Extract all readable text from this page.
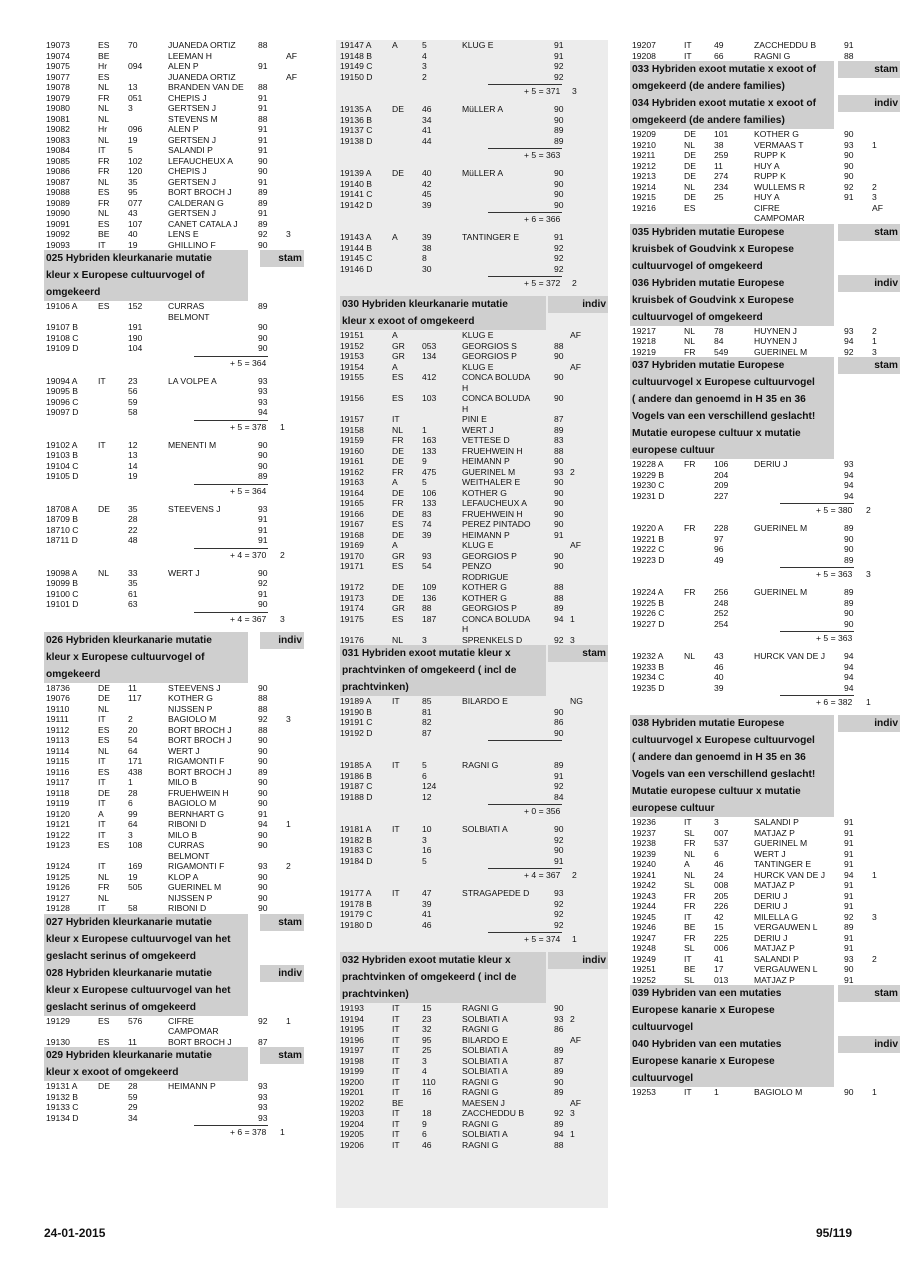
19073	ES 70	JUANEDA ORTIZ	88
19074	BE	LEEMAN H	AF
19075	Hr 094	ALEN P	91
19077	ES	JUANEDA ORTIZ	AF
19078	NL 13	BRANDEN VAN DE 88
19079	FR 051	CHEPIS J	91
19080	NL 3	GERTSEN J	91
19081	NL	STEVENS M	88
19082	Hr 096	ALEN P	91
19083	NL 19	GERTSEN J	91
19084	IT	5	SALANDI P	91
19085	FR 102	LEFAUCHEUX A	90
19086	FR 120	CHEPIS J	90
19087	NL 35	GERTSEN J	91
19088	ES 95	BORT BROCH J	89
19089	FR 077	CALDERAN G	89
19090	NL 43	GERTSEN J	91
19091	ES 107	CANET CATALA J 89
19092	BE 40	LENS E	92 3
19093	IT	19	GHILLINO F	90
025 Hybriden kleurkanarie mutatie	stam
kleur x Europese cultuurvogel of
omgekeerd
19106 A ES 152	CURRAS	89
BELMONT
19107 B	191	90
19108 C	190	90
19109 D	104	90
+ 5 = 364
19094 A IT	23	LA VOLPE A	93
19095 B	56	93
19096 C	59	93
19097 D	58	94
+ 5 = 378 1
19102 A IT	12	MENENTI M	90
19103 B	13	90
19104 C	14	90
19105 D	19	89
+ 5 = 364
18708 A DE 35	STEEVENS J	93
18709 B	28	91
18710 C	22	91
18711 D	48	91
+ 4 = 370 2
19098 A NL 33	WERT J	90
19099 B	35	92
19100 C	61	91
19101 D	63	90
+ 4 = 367 3
026 Hybriden kleurkanarie mutatie	indiv
kleur x Europese cultuurvogel of
omgekeerd
18736	DE 11	STEEVENS J	90
19076	DE 117	KOTHER G	88
19110	NL	NIJSSEN P	88
19111	IT	2	BAGIOLO M	92 3
19112	ES 20	BORT BROCH J	88
19113	ES 54	BORT BROCH J	90
19114	NL 64	WERT J	90
19115	IT	171	RIGAMONTI F	90
19116	ES 438	BORT BROCH J	89
19117	IT	1	MILO B	90
19118	DE 28	FRUEHWEIN H	90
19119	IT	6	BAGIOLO M	90
19120	A	99	BERNHART G	91
19121	IT	64	RIBONI D	94 1
19122	IT	3	MILO B	90
19123	ES 108	CURRAS	90
BELMONT
19124	IT	169	RIGAMONTI F	93 2
19125	NL 19	KLOP A	90
19126	FR 505	GUERINEL M	90
19127	NL	NIJSSEN P	90
19128	IT	58	RIBONI D	90
027 Hybriden kleurkanarie mutatie	stam
kleur x Europese cultuurvogel van het
geslacht serinus of omgekeerd
028 Hybriden kleurkanarie mutatie	indiv
kleur x Europese cultuurvogel van het
geslacht serinus of omgekeerd
19129	ES 576	CIFRE	92 1
CAMPOMAR
19130	ES 11	BORT BROCH J	87
029 Hybriden kleurkanarie mutatie	stam
kleur x exoot of omgekeerd
19131 A DE 28	HEIMANN P	93
19132 B	59	93
19133 C	29	93
19134 D	34	93
+ 6 = 378 1
19147 A A	5	KLUG E	91
19148 B	4	91
19149 C	3	92
19150 D	2	92
+ 5 = 371 3
19135 A DE 46	MüLLER A	90
19136 B	34	90
19137 C	41	89
19138 D	44	89
+ 5 = 363
19139 A DE 40	MüLLER A	90
19140 B	42	90
19141 C	45	90
19142 D	39	90
+ 6 = 366
19143 A A	39	TANTINGER E	91
19144 B	38	92
19145 C	8	92
19146 D	30	92
+ 5 = 372 2
030 Hybriden kleurkanarie mutatie	indiv
kleur x exoot of omgekeerd
19151	A	KLUG E	AF
19152	GR 053	GEORGIOS S	88
19153	GR 134	GEORGIOS P	90
19154	A	KLUG E	AF
19155	ES 412	CONCA BOLUDA	90
H
19156	ES 103	CONCA BOLUDA	90
H
19157	IT	PINI E	87
19158	NL 1	WERT J	89
19159	FR 163	VETTESE D	83
19160	DE 133	FRUEHWEIN H	88
19161	DE 9	HEIMANN P	90
19162	FR 475	GUERINEL M	93 2
19163	A	5	WEITHALER E	90
19164	DE 106	KOTHER G	90
19165	FR 133	LEFAUCHEUX A	90
19166	DE 83	FRUEHWEIN H	90
19167	ES 74	PEREZ PINTADO	90
19168	DE 39	HEIMANN P	91
19169	A	KLUG E	AF
19170	GR 93	GEORGIOS P	90
19171	ES 54	PENZO	90
RODRIGUE
19172	DE 109	KOTHER G	88
19173	DE 136	KOTHER G	88
19174	GR 88	GEORGIOS P	89
19175	ES 187	CONCA BOLUDA	94 1
H
19176	NL 3	SPRENKELS D	92 3
031 Hybriden exoot mutatie kleur x	stam
prachtvinken of omgekeerd ( incl de
prachtvinken)
19189 A IT	85	BILARDO E	NG
19190 B	81	90
19191 C	82	86
19192 D	87	90
19185 A IT	5	RAGNI G	89
19186 B	6	91
19187 C	124	92
19188 D	12	84
+ 0 = 356
19181 A IT	10	SOLBIATI A	90
19182 B	3	92
19183 C	16	90
19184 D	5	91
+ 4 = 367 2
19177 A IT	47	STRAGAPEDE D	93
19178 B	39	92
19179 C	41	92
19180 D	46	92
+ 5 = 374 1
032 Hybriden exoot mutatie kleur x	indiv
prachtvinken of omgekeerd ( incl de
prachtvinken)
19193	IT	15	RAGNI G	90
19194	IT	23	SOLBIATI A	93 2
19195	IT	32	RAGNI G	86
19196	IT	95	BILARDO E	AF
19197	IT	25	SOLBIATI A	89
19198	IT	3	SOLBIATI A	87
19199	IT	4	SOLBIATI A	89
19200	IT	110	RAGNI G	90
19201	IT	16	RAGNI G	89
19202	BE	MAESEN J	AF
19203	IT	18	ZACCHEDDU B	92 3
19204	IT	9	RAGNI G	89
19205	IT	6	SOLBIATI A	94 1
19206	IT	46	RAGNI G	88
19207	IT	49	ZACCHEDDU B	91
19208	IT	66	RAGNI G	88
033 Hybriden exoot mutatie x exoot of	stam
omgekeerd (de andere families)
034 Hybriden exoot mutatie x exoot of	indiv
omgekeerd (de andere families)
19209	DE 101	KOTHER G	90
19210	NL 38	VERMAAS T	93 1
19211	DE 259	RUPP K	90
19212	DE 11	HUY A	90
19213	DE 274	RUPP K	90
19214	NL 234	WULLEMS R	92 2
19215	DE 25	HUY A	91 3
19216	ES	CIFRE	AF
CAMPOMAR
035 Hybriden mutatie Europese	stam
kruisbek of Goudvink x Europese
cultuurvogel of omgekeerd
036 Hybriden mutatie Europese	indiv
kruisbek of Goudvink x Europese
cultuurvogel of omgekeerd
19217	NL 78	HUYNEN J	93 2
19218	NL 84	HUYNEN J	94 1
19219	FR 549	GUERINEL M	92 3
037 Hybriden mutatie Europese	stam
cultuurvogel x Europese cultuurvogel
( andere dan genoemd in H 35 en 36
Vogels van een verschillend geslacht!
Mutatie europese cultuur x mutatie
europese cultuur
19228 A FR 106	DERIU J	93
19229 B	204	94
19230 C	209	94
19231 D	227	94
+ 5 = 380 2
19220 A FR 228	GUERINEL M	89
19221 B	97	90
19222 C	96	90
19223 D	49	89
+ 5 = 363 3
19224 A FR 256	GUERINEL M	89
19225 B	248	89
19226 C	252	90
19227 D	254	90
+ 5 = 363
19232 A NL 43	HURCK VAN DE J 94
19233 B	46	94
19234 C	40	94
19235 D	39	94
+ 6 = 382 1
038 Hybriden mutatie Europese	indiv
cultuurvogel x Europese cultuurvogel
( andere dan genoemd in H 35 en 36
Vogels van een verschillend geslacht!
Mutatie europese cultuur x mutatie
europese cultuur
19236	IT	3	SALANDI P	91
19237	SL 007	MATJAZ P	91
19238	FR 537	GUERINEL M	91
19239	NL 6	WERT J	91
19240	A	46	TANTINGER E	91
19241	NL 24	HURCK VAN DE J 94 1
19242	SL 008	MATJAZ P	91
19243	FR 205	DERIU J	91
19244	FR 226	DERIU J	91
19245	IT	42	MILELLA G	92 3
19246	BE 15	VERGAUWEN L	89
19247	FR 225	DERIU J	91
19248	SL 006	MATJAZ P	91
19249	IT	41	SALANDI P	93 2
19251	BE 17	VERGAUWEN L	90
19252	SL 013	MATJAZ P	91
039 Hybriden van een mutaties	stam
Europese kanarie x Europese
cultuurvogel
040 Hybriden van een mutaties	indiv
Europese kanarie x Europese
cultuurvogel
19253	IT	1	BAGIOLO M	90 1
24-01-2015	95/119
